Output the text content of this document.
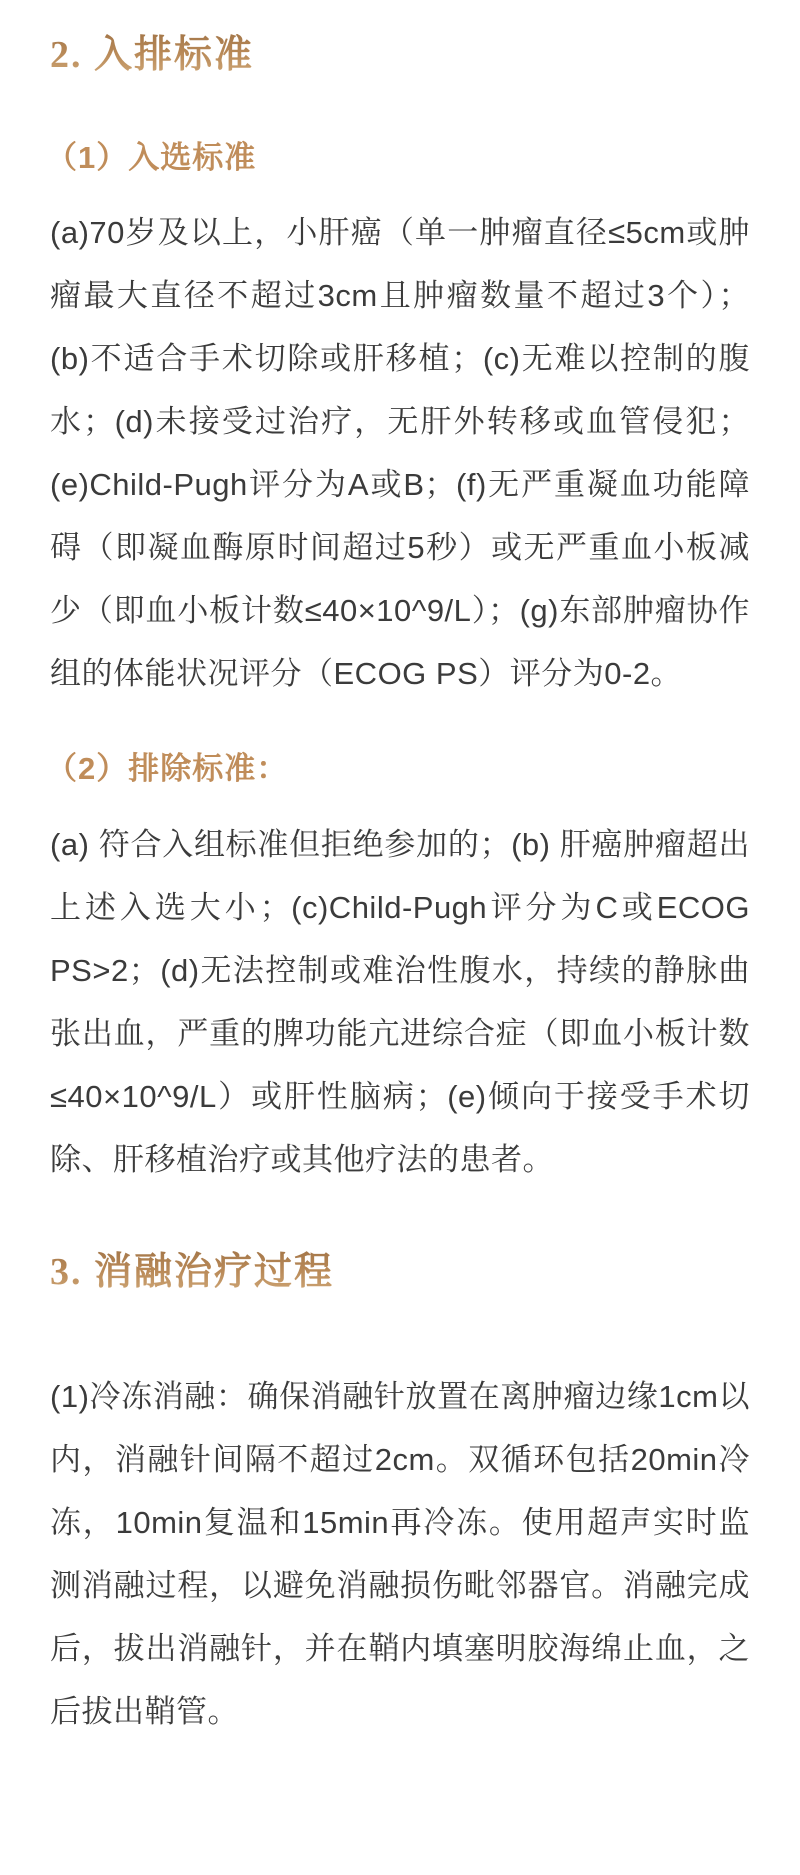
2. 入排标准
（1）入选标准

(a)70岁及以上，小肝癌（单一肿瘤直径≤5cm或肿瘤最大直径不超过3cm且肿瘤数量不超过3个）；(b)不适合手术切除或肝移植；(c)无难以控制的腹水；(d)未接受过治疗，无肝外转移或血管侵犯；(e)Child-Pugh评分为A或B；(f)无严重凝血功能障碍（即凝血酶原时间超过5秒）或无严重血小板减少（即血小板计数≤40×10^9/L）；(g)东部肿瘤协作组的体能状况评分（ECOG PS）评分为0-2。

（2）排除标准：

(a) 符合入组标准但拒绝参加的；(b) 肝癌肿瘤超出上述入选大小；(c)Child-Pugh评分为C或ECOG PS>2；(d)无法控制或难治性腹水，持续的静脉曲张出血，严重的脾功能亢进综合症（即血小板计数≤40×10^9/L）或肝性脑病；(e)倾向于接受手术切除、肝移植治疗或其他疗法的患者。

3. 消融治疗过程

(1)冷冻消融：确保消融针放置在离肿瘤边缘1cm以内，消融针间隔不超过2cm。双循环包括20min冷冻，10min复温和15min再冷冻。使用超声实时监测消融过程，以避免消融损伤毗邻器官。消融完成后，拔出消融针，并在鞘内填塞明胶海绵止血，之后拔出鞘管。
